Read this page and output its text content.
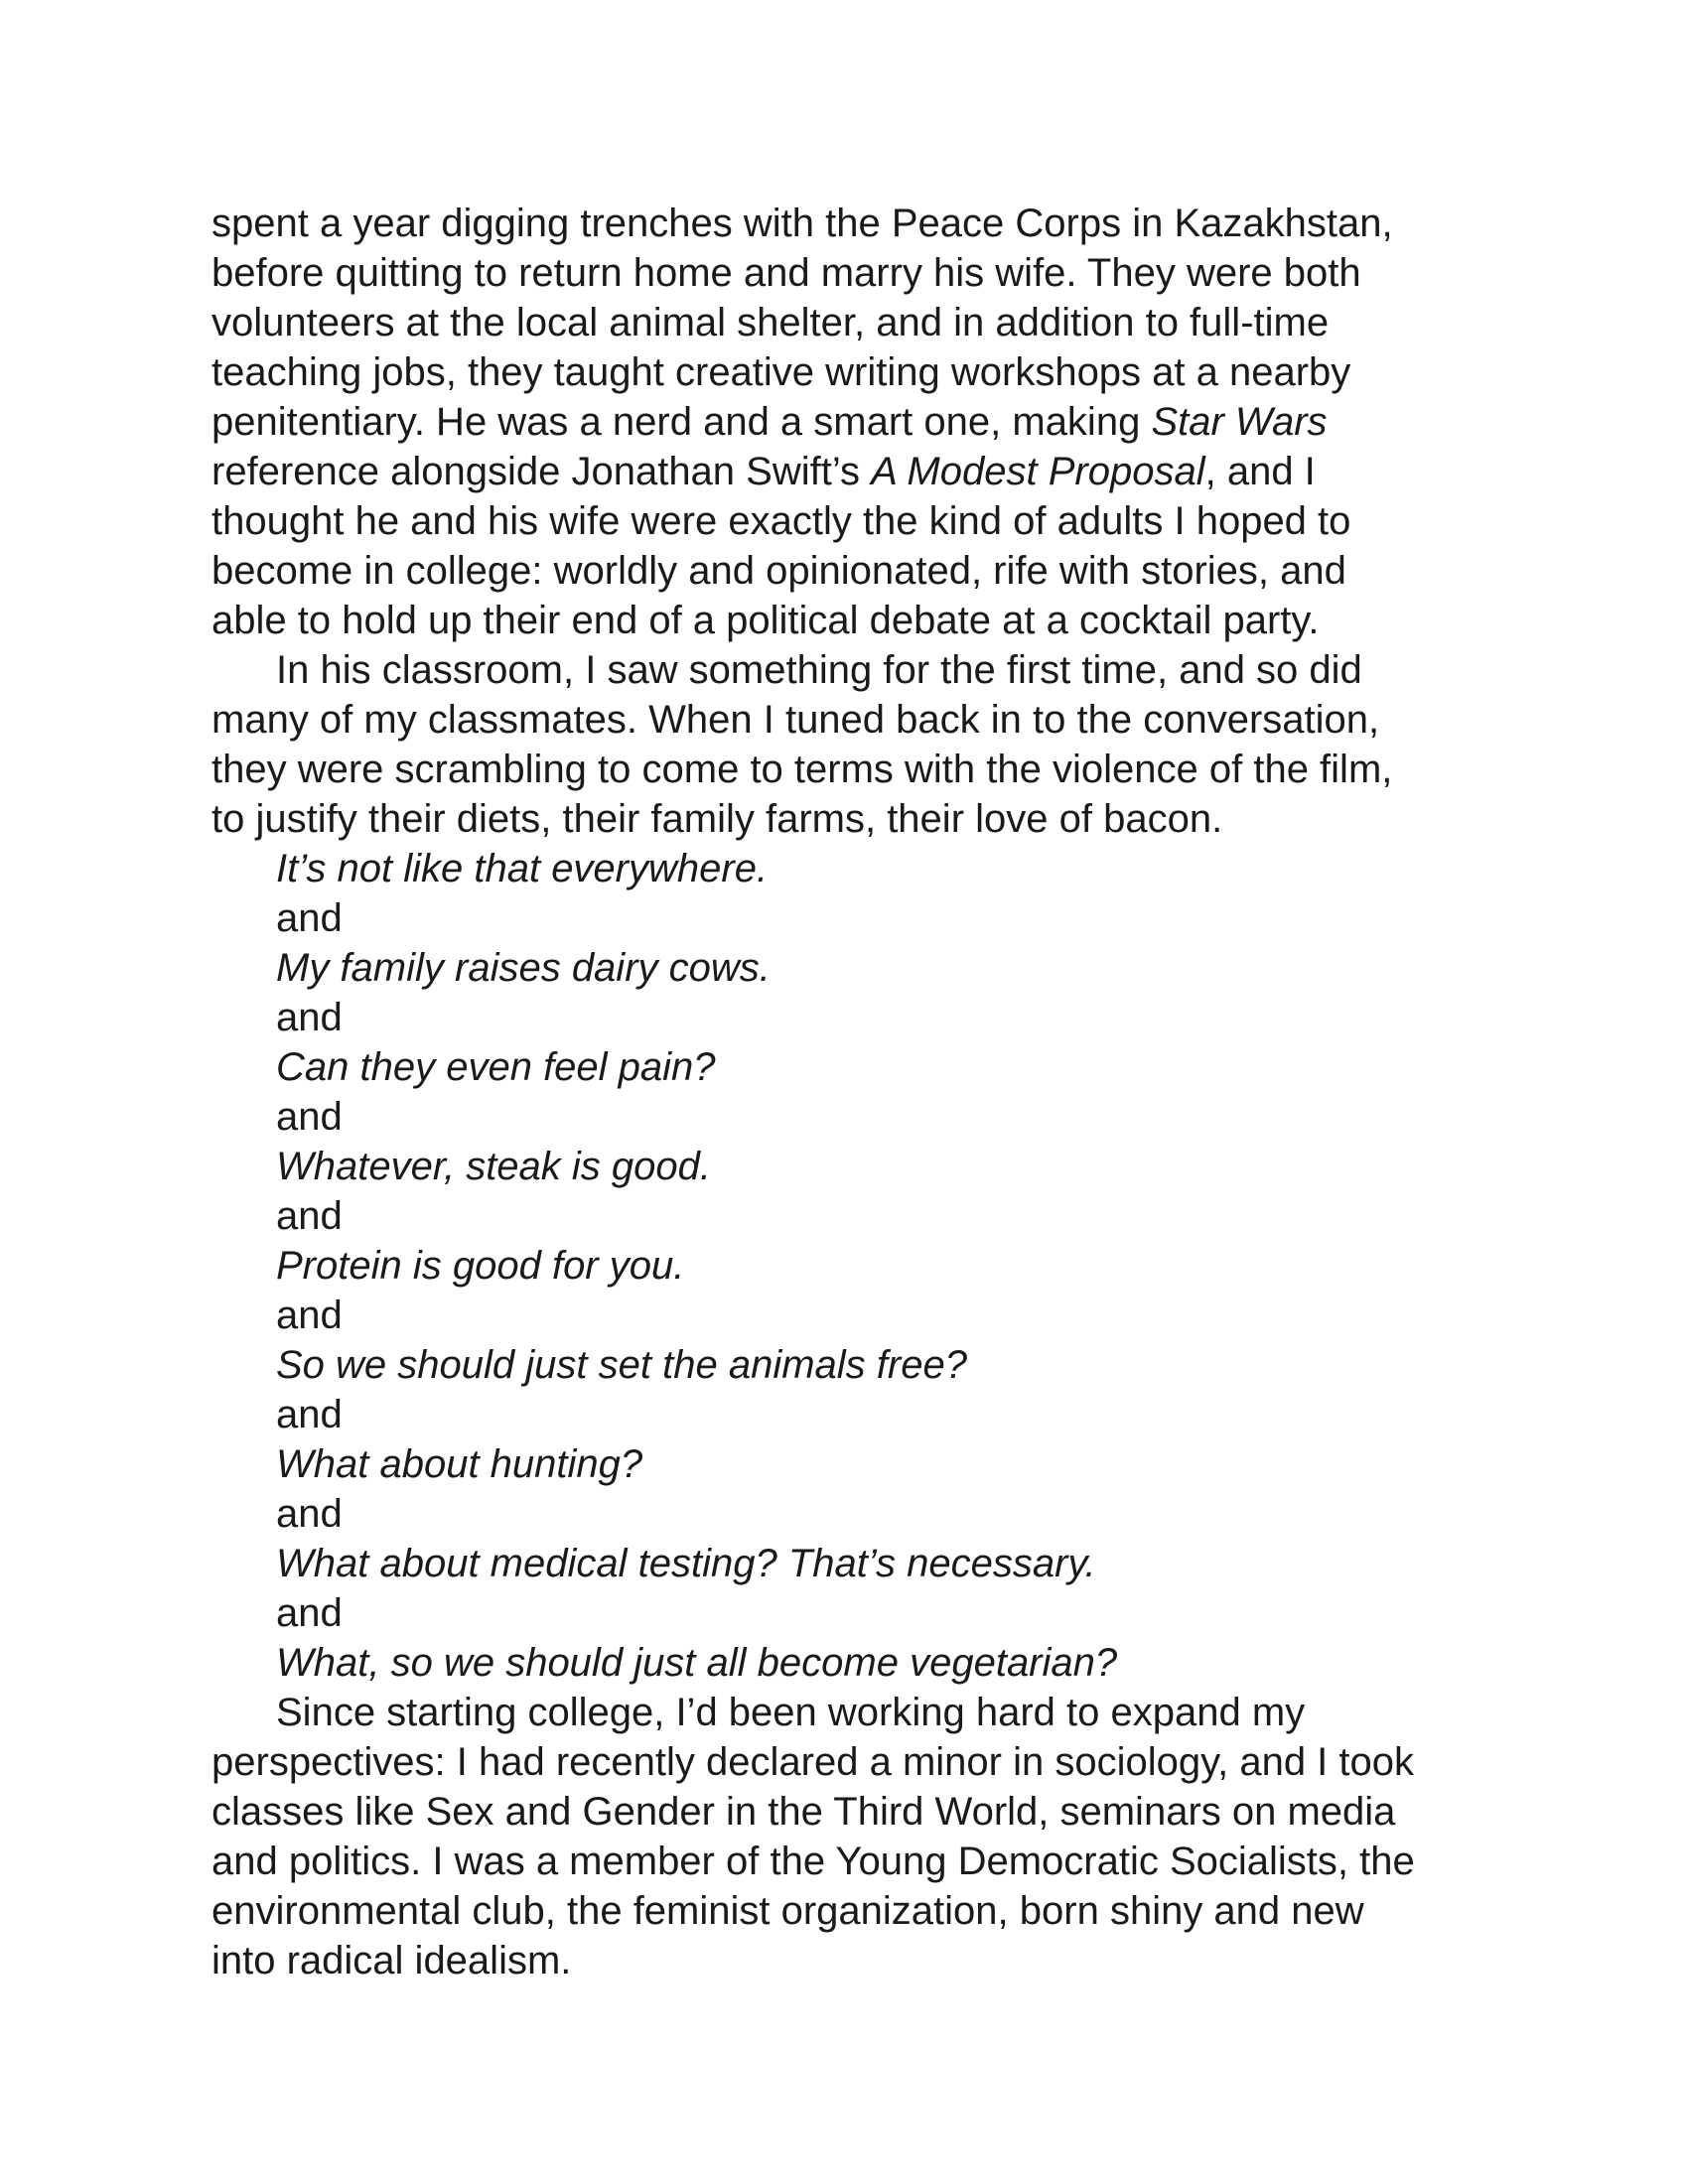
spent a year digging trenches with the Peace Corps in Kazakhstan,
before quitting to return home and marry his wife. They were both
volunteers at the local animal shelter, and in addition to full-time
teaching jobs, they taught creative writing workshops at a nearby
penitentiary. He was a nerd and a smart one, making Star Wars
reference alongside Jonathan Swift’s A Modest Proposal, and I
thought he and his wife were exactly the kind of adults I hoped to
become in college: worldly and opinionated, rife with stories, and
able to hold up their end of a political debate at a cocktail party.
In his classroom, I saw something for the first time, and so did
many of my classmates. When I tuned back in to the conversation,
they were scrambling to come to terms with the violence of the film,
to justify their diets, their family farms, their love of bacon.
It’s not like that everywhere.
and
My family raises dairy cows.
and
Can they even feel pain?
and
Whatever, steak is good.
and
Protein is good for you.
and
So we should just set the animals free?
and
What about hunting?
and
What about medical testing? That’s necessary.
and
What, so we should just all become vegetarian?
Since starting college, I’d been working hard to expand my
perspectives: I had recently declared a minor in sociology, and I took
classes like Sex and Gender in the Third World, seminars on media
and politics. I was a member of the Young Democratic Socialists, the
environmental club, the feminist organization, born shiny and new
into radical idealism.
